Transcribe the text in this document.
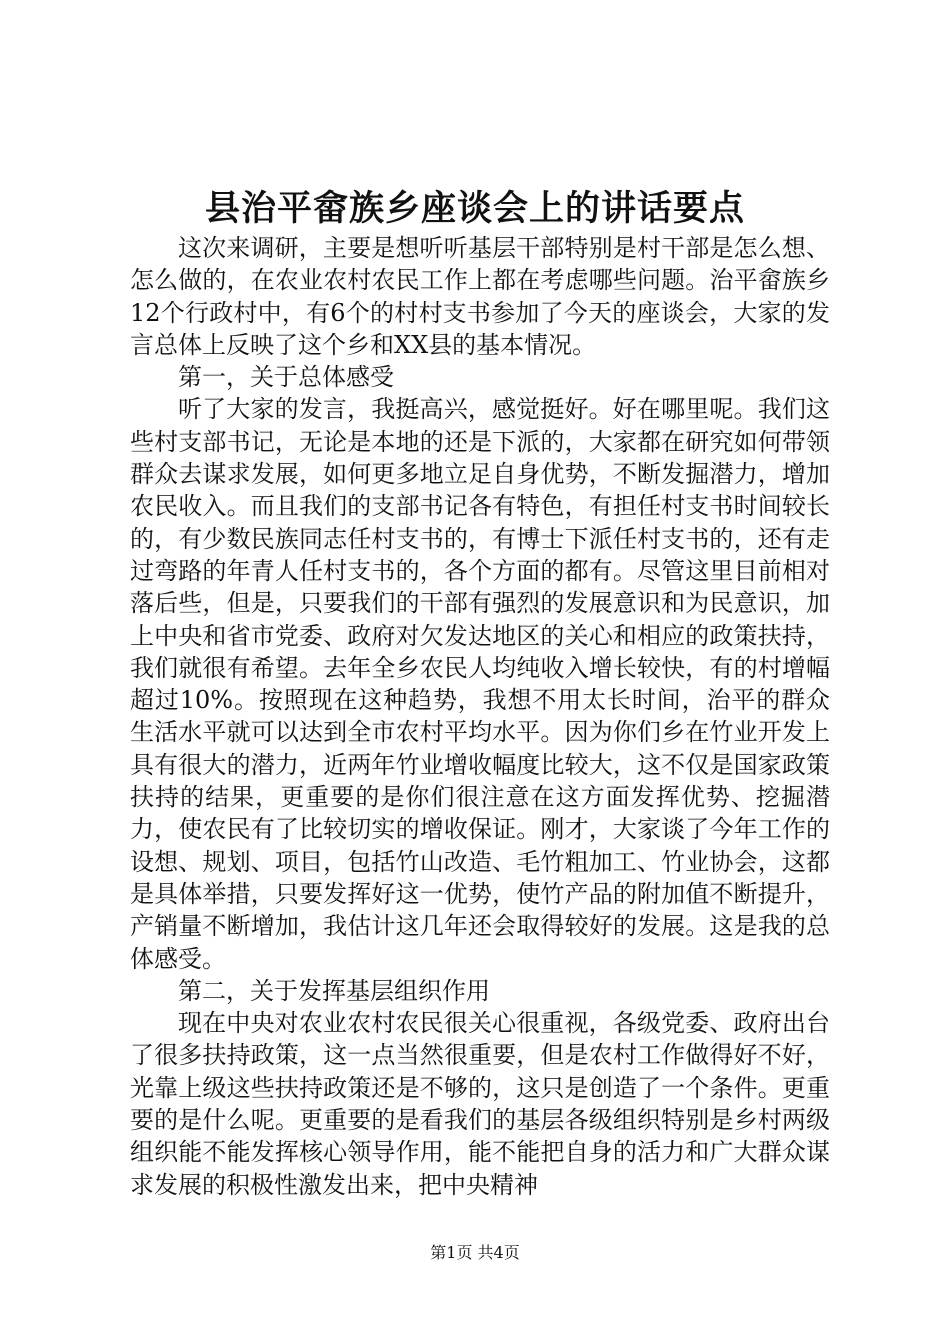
县治平畲族乡座谈会上的讲话要点

这次来调研，主要是想听听基层干部特别是村干部是怎么想、怎么做的，在农业农村农民工作上都在考虑哪些问题。治平畲族乡12个行政村中，有6个的村村支书参加了今天的座谈会，大家的发言总体上反映了这个乡和XX县的基本情况。

第一，关于总体感受

听了大家的发言，我挺高兴，感觉挺好。好在哪里呢。我们这些村支部书记，无论是本地的还是下派的，大家都在研究如何带领群众去谋求发展，如何更多地立足自身优势，不断发掘潜力，增加农民收入。而且我们的支部书记各有特色，有担任村支书时间较长的，有少数民族同志任村支书的，有博士下派任村支书的，还有走过弯路的年青人任村支书的，各个方面的都有。尽管这里目前相对落后些，但是，只要我们的干部有强烈的发展意识和为民意识，加上中央和省市党委、政府对欠发达地区的关心和相应的政策扶持，我们就很有希望。去年全乡农民人均纯收入增长较快，有的村增幅超过10%。按照现在这种趋势，我想不用太长时间，治平的群众生活水平就可以达到全市农村平均水平。因为你们乡在竹业开发上具有很大的潜力，近两年竹业增收幅度比较大，这不仅是国家政策扶持的结果，更重要的是你们很注意在这方面发挥优势、挖掘潜力，使农民有了比较切实的增收保证。刚才，大家谈了今年工作的设想、规划、项目，包括竹山改造、毛竹粗加工、竹业协会，这都是具体举措，只要发挥好这一优势，使竹产品的附加值不断提升，产销量不断增加，我估计这几年还会取得较好的发展。这是我的总体感受。

第二，关于发挥基层组织作用

现在中央对农业农村农民很关心很重视，各级党委、政府出台了很多扶持政策，这一点当然很重要，但是农村工作做得好不好，光靠上级这些扶持政策还是不够的，这只是创造了一个条件。更重要的是什么呢。更重要的是看我们的基层各级组织特别是乡村两级组织能不能发挥核心领导作用，能不能把自身的活力和广大群众谋求发展的积极性激发出来，把中央精神

第1页 共4页
